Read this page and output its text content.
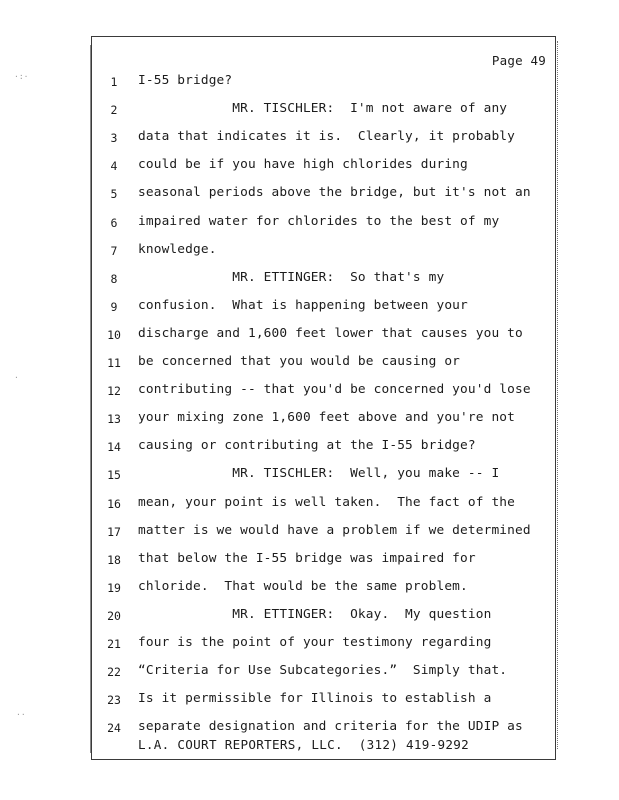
Page 49
1	I-55 bridge?
2	MR. TISCHLER:  I'm not aware of any
3	data that indicates it is.  Clearly, it probably
4	could be if you have high chlorides during
5	seasonal periods above the bridge, but it's not an
6	impaired water for chlorides to the best of my
7	knowledge.
8	MR. ETTINGER:  So that's my
9	confusion.  What is happening between your
10	discharge and 1,600 feet lower that causes you to
11	be concerned that you would be causing or
12	contributing -- that you'd be concerned you'd lose
13	your mixing zone 1,600 feet above and you're not
14	causing or contributing at the I-55 bridge?
15	MR. TISCHLER:  Well, you make -- I
16	mean, your point is well taken.  The fact of the
17	matter is we would have a problem if we determined
18	that below the I-55 bridge was impaired for
19	chloride.  That would be the same problem.
20	MR. ETTINGER:  Okay.  My question
21	four is the point of your testimony regarding
22	“Criteria for Use Subcategories.”  Simply that.
23	Is it permissible for Illinois to establish a
24	separate designation and criteria for the UDIP as
L.A. COURT REPORTERS, LLC.  (312) 419-9292
·:·
·
··
